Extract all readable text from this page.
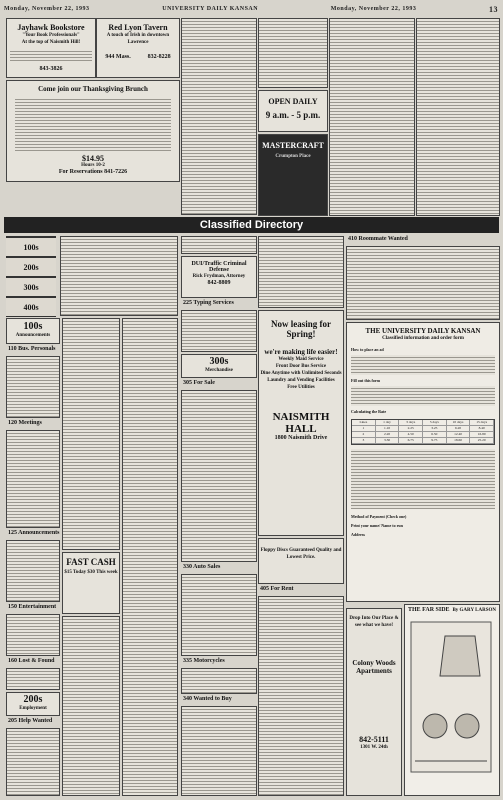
Monday, November 22, 1993	UNIVERSITY DAILY KANSAN	Monday, November 22, 1993	13
Jayhawk Bookstore
"Your Book Professionals"
At the top of Naismith Hill!
843-3826
Red Lyon Tavern
A touch of Irish in downtown Lawrence
944 Mass.	832-8228
Come join our Thanksgiving Brunch
$14.95
Hours 10-2
For Reservations 841-7226
OPEN DAILY
9 a.m. - 5 p.m.
MASTERCRAFT
Crumpton Place
Classified Directory
100s
200s
300s
400s
100s
Announcements
110 Bus. Personals
120 Meetings
125 Announcements
150 Entertainment
160 Lost & Found
200s
Employment
205 Help Wanted
FAST CASH
$15 Today $30 This week
DUI/Traffic Criminal Defense
Rick Frydman, Attorney
842-8809
225 Typing Services
300s
Merchandise
305 For Sale
330 Auto Sales
335 Motorcycles
340 Wanted to Buy
Now leasing for Spring!
we're making life easier!
Weekly Maid Service
Front Door Bus Service
Dine Anytime with Unlimited Seconds
Laundry and Vending Facilities
Free Utilities
NAISMITH HALL
1800 Naismith Drive
Floppy Discs Guaranteed Quality and Lowest Price.
405 For Rent
Drop Into Our Place & see what we have!
Colony Woods Apartments
842-5111
1301 W. 24th
410 Roommate Wanted
THE UNIVERSITY DAILY KANSAN
Classified information and order form
How to place an ad
Fill out this form
Calculating the Rate
Lines	1 day	3 days	5 days	10 days	15 days
1	1.10	2.25	3.25	6.20	8.40
2	2.20	4.50	6.50	12.40	16.80
3	3.30	6.75	9.75	18.60	25.20
Method of Payment (Check one)
Print your name/ Name to run
Address
THE FAR SIDE By GARY LARSON
